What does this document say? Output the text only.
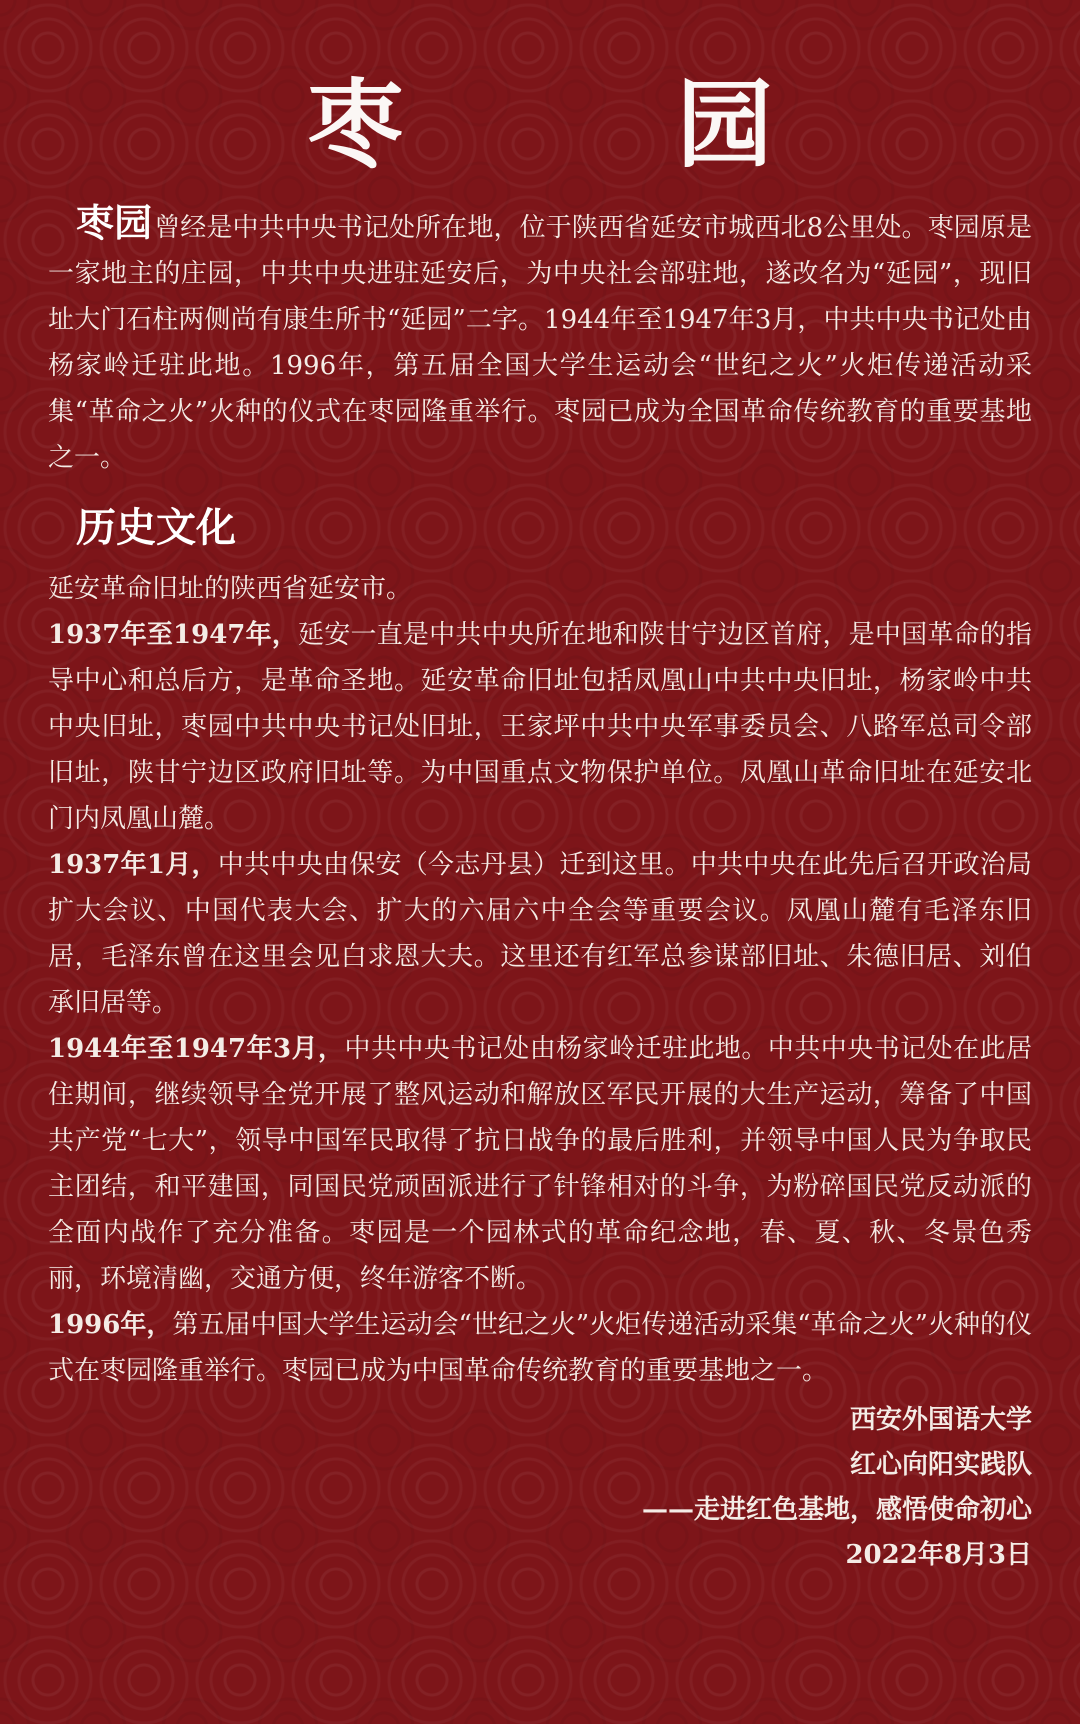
枣 园

枣园曾经是中共中央书记处所在地，位于陕西省延安市城西北8公里处。枣园原是一家地主的庄园，中共中央进驻延安后，为中央社会部驻地，遂改名为“延园”，现旧址大门石柱两侧尚有康生所书“延园”二字。1944年至1947年3月，中共中央书记处由杨家岭迁驻此地。1996年，第五届全国大学生运动会“世纪之火”火炬传递活动采集“革命之火”火种的仪式在枣园隆重举行。枣园已成为全国革命传统教育的重要基地之一。

历史文化

延安革命旧址的陕西省延安市。

1937年至1947年，延安一直是中共中央所在地和陕甘宁边区首府，是中国革命的指导中心和总后方，是革命圣地。延安革命旧址包括凤凰山中共中央旧址，杨家岭中共中央旧址，枣园中共中央书记处旧址，王家坪中共中央军事委员会、八路军总司令部旧址，陕甘宁边区政府旧址等。为中国重点文物保护单位。凤凰山革命旧址在延安北门内凤凰山麓。

1937年1月，中共中央由保安（今志丹县）迁到这里。中共中央在此先后召开政治局扩大会议、中国代表大会、扩大的六届六中全会等重要会议。凤凰山麓有毛泽东旧居，毛泽东曾在这里会见白求恩大夫。这里还有红军总参谋部旧址、朱德旧居、刘伯承旧居等。

1944年至1947年3月，中共中央书记处由杨家岭迁驻此地。中共中央书记处在此居住期间，继续领导全党开展了整风运动和解放区军民开展的大生产运动，筹备了中国共产党“七大”，领导中国军民取得了抗日战争的最后胜利，并领导中国人民为争取民主团结，和平建国，同国民党顽固派进行了针锋相对的斗争，为粉碎国民党反动派的全面内战作了充分准备。枣园是一个园林式的革命纪念地，春、夏、秋、冬景色秀丽，环境清幽，交通方便，终年游客不断。

1996年，第五届中国大学生运动会“世纪之火”火炬传递活动采集“革命之火”火种的仪式在枣园隆重举行。枣园已成为中国革命传统教育的重要基地之一。

西安外国语大学
红心向阳实践队
——走进红色基地，感悟使命初心
2022年8月3日
